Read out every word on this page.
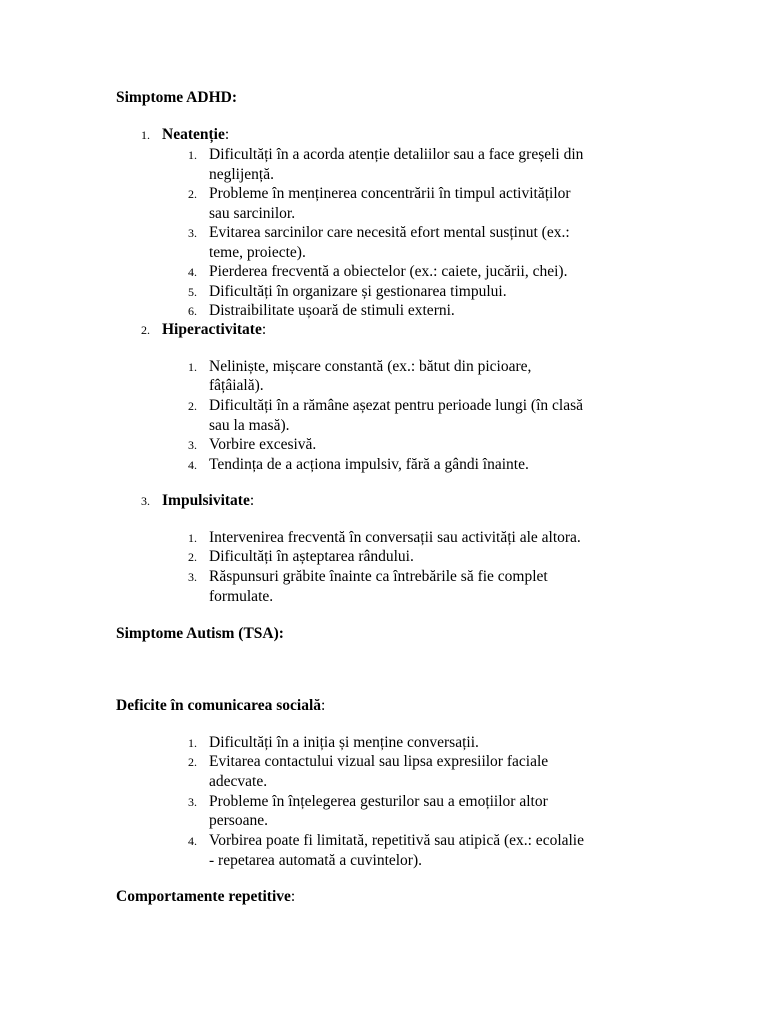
Simptome ADHD:
1. Neatenție:
1. Dificultăți în a acorda atenție detaliilor sau a face greșeli din
neglijență.
2. Probleme în menținerea concentrării în timpul activităților
sau sarcinilor.
3. Evitarea sarcinilor care necesită efort mental susținut (ex.:
teme, proiecte).
4. Pierderea frecventă a obiectelor (ex.: caiete, jucării, chei).
5. Dificultăți în organizare și gestionarea timpului.
6. Distraibilitate ușoară de stimuli externi.
2. Hiperactivitate:
1. Neliniște, mișcare constantă (ex.: bătut din picioare,
fâțâială).
2. Dificultăți în a rămâne așezat pentru perioade lungi (în clasă
sau la masă).
3. Vorbire excesivă.
4. Tendința de a acționa impulsiv, fără a gândi înainte.
3. Impulsivitate:
1. Intervenirea frecventă în conversații sau activități ale altora.
2. Dificultăți în așteptarea rândului.
3. Răspunsuri grăbite înainte ca întrebările să fie complet
formulate.
Simptome Autism (TSA):
Deficite în comunicarea socială:
1. Dificultăți în a iniția și menține conversații.
2. Evitarea contactului vizual sau lipsa expresiilor faciale
adecvate.
3. Probleme în înțelegerea gesturilor sau a emoțiilor altor
persoane.
4. Vorbirea poate fi limitată, repetitivă sau atipică (ex.: ecolalie
- repetarea automată a cuvintelor).
Comportamente repetitive:
